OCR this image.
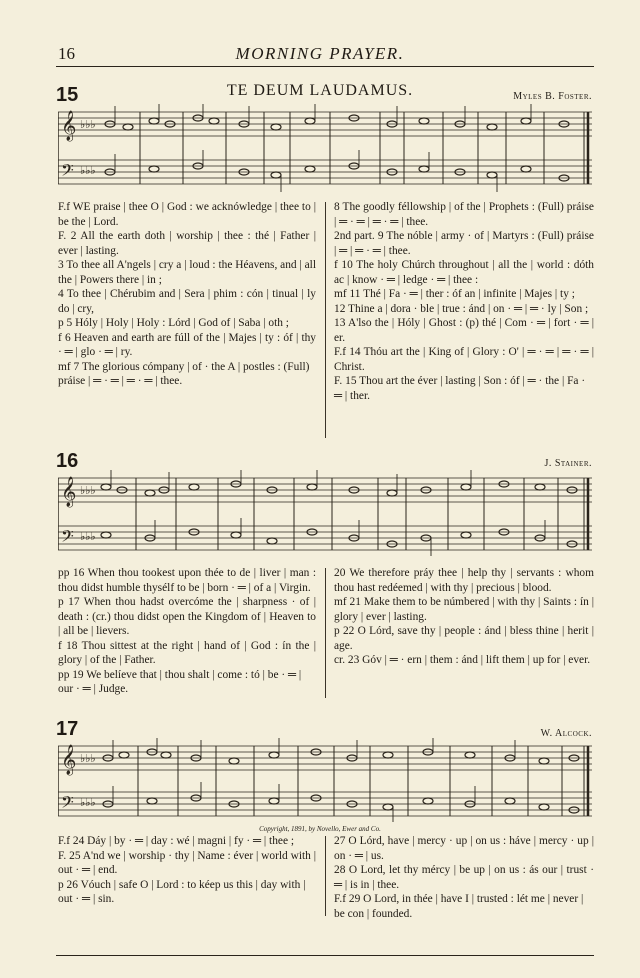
16	MORNING PRAYER.
15	TE DEUM LAUDAMUS.	Myles B. Foster.
𝄞
𝄢
♭♭♭
♭♭♭

F.f WE praise | thee O | God : we acknówledge | thee to | be the | Lord.

F. 2 All the earth doth | worship | thee : thé | Father | ever | lasting.

3 To thee all A'ngels | cry a | loud : the Héavens, and | all the | Powers there | in ;

4 To thee | Chérubim and | Sera | phim : cón | tinual | ly do | cry,

p 5 Hóly | Holy | Holy : Lórd | God of | Saba | oth ;

f 6 Heaven and earth are fúll of the | Majes | ty : óf | thy · ═ | glo · ═ | ry.

mf 7 The glorious cómpany | of · the A | postles : (Full) práise | ═ · ═ | ═ · ═ | thee.

8 The goodly féllowship | of the | Prophets : (Full) práise | ═ · ═ | ═ · ═ | thee.

2nd part. 9 The nóble | army · of | Martyrs : (Full) práise | ═ | ═ · ═ | thee.

f 10 The holy Chúrch throughout | all the | world : dóth ac | know · ═ | ledge · ═ | thee :

mf 11 Thé | Fa · ═ | ther : óf an | infinite | Majes | ty ;

12 Thine a | dora · ble | true : ánd | on · ═ | ═ · ly | Son ;

13 A'lso the | Hóly | Ghost : (p) thé | Com · ═ | fort · ═ | er.

F.f 14 Thóu art the | King of | Glory : O' | ═ · ═ | ═ · ═ | Christ.

F. 15 Thou art the éver | lasting | Son : óf | ═ · the | Fa · ═ | ther.

16	J. Stainer.
𝄞
𝄢
♭♭♭
♭♭♭

pp 16 When thou tookest upon thée to de | liver | man : thou didst humble thysélf to be | born · ═ | of a | Virgin.

p 17 When thou hadst overcóme the | sharpness · of | death : (cr.) thou didst open the Kingdom of | Heaven to | all be | lievers.

f 18 Thou sittest at the right | hand of | God : ín the | glory | of the | Father.

pp 19 We belíeve that | thou shalt | come : tó | be · ═ | our · ═ | Judge.

20 We therefore práy thee | help thy | servants : whom thou hast redéemed | with thy | precious | blood.

mf 21 Make them to be númbered | with thy | Saints : ín | glory | ever | lasting.

p 22 O Lórd, save thy | people : ánd | bless thine | herit | age.

cr. 23 Góv | ═ · ern | them : ánd | lift them | up for | ever.

17	W. Alcock.
𝄞
𝄢
♭♭♭
♭♭♭
Copyright, 1891, by Novello, Ewer and Co.

F.f 24 Dáy | by · ═ | day : wé | magni | fy · ═ | thee ;

F. 25 A'nd we | worship · thy | Name : éver | world with | out · ═ | end.

p 26 Vóuch | safe O | Lord : to kéep us this | day with | out · ═ | sin.

27 O Lórd, have | mercy · up | on us : háve | mercy · up | on · ═ | us.

28 O Lord, let thy mércy | be up | on us : ás our | trust · ═ | is in | thee.

F.f 29 O Lord, in thée | have I | trusted : lét me | never | be con | founded.
